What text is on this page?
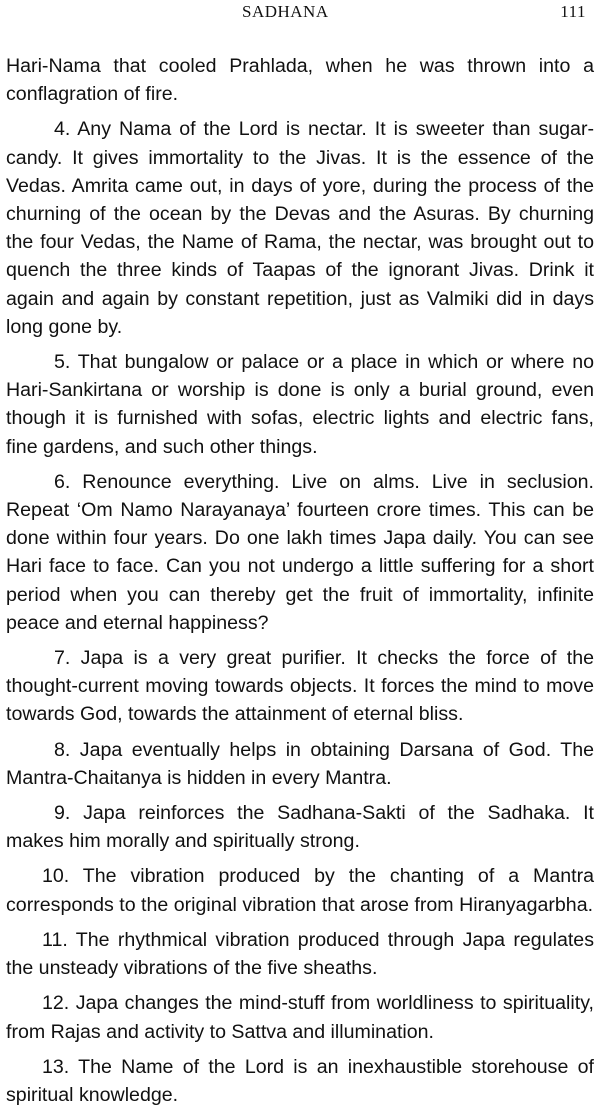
SADHANA	111

Hari-Nama that cooled Prahlada, when he was thrown into a conflagration of fire.

4. Any Nama of the Lord is nectar. It is sweeter than sugar-candy. It gives immortality to the Jivas. It is the essence of the Vedas. Amrita came out, in days of yore, during the process of the churning of the ocean by the Devas and the Asuras. By churning the four Vedas, the Name of Rama, the nectar, was brought out to quench the three kinds of Taapas of the ignorant Jivas. Drink it again and again by constant repetition, just as Valmiki did in days long gone by.

5. That bungalow or palace or a place in which or where no Hari-Sankirtana or worship is done is only a burial ground, even though it is furnished with sofas, electric lights and electric fans, fine gardens, and such other things.

6. Renounce everything. Live on alms. Live in seclusion. Repeat ‘Om Namo Narayanaya’ fourteen crore times. This can be done within four years. Do one lakh times Japa daily. You can see Hari face to face. Can you not undergo a little suffering for a short period when you can thereby get the fruit of immortality, infinite peace and eternal happiness?

7. Japa is a very great purifier. It checks the force of the thought-current moving towards objects. It forces the mind to move towards God, towards the attainment of eternal bliss.

8. Japa eventually helps in obtaining Darsana of God. The Mantra-Chaitanya is hidden in every Mantra.

9. Japa reinforces the Sadhana-Sakti of the Sadhaka. It makes him morally and spiritually strong.

10. The vibration produced by the chanting of a Mantra corresponds to the original vibration that arose from Hiranyagarbha.

11. The rhythmical vibration produced through Japa regulates the unsteady vibrations of the five sheaths.

12. Japa changes the mind-stuff from worldliness to spirituality, from Rajas and activity to Sattva and illumination.

13. The Name of the Lord is an inexhaustible storehouse of spiritual knowledge.
